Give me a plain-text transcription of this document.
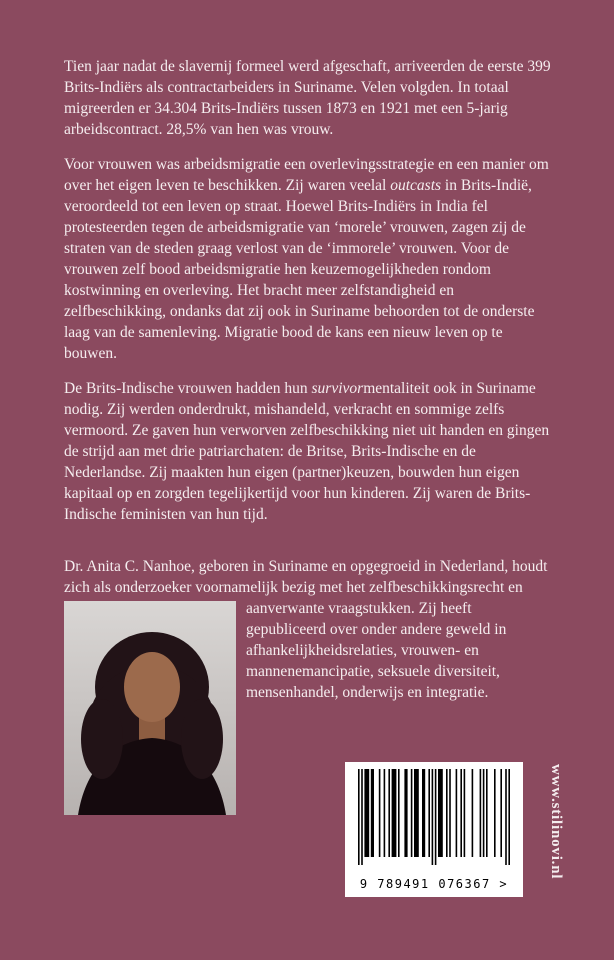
Tien jaar nadat de slavernij formeel werd afgeschaft, arriveerden de eerste 399 Brits-Indiërs als contractarbeiders in Suriname. Velen volgden. In totaal migreerden er 34.304 Brits-Indiërs tussen 1873 en 1921 met een 5-jarig arbeidscontract. 28,5% van hen was vrouw.

Voor vrouwen was arbeidsmigratie een overlevingsstrategie en een manier om over het eigen leven te beschikken. Zij waren veelal outcasts in Brits-Indië, veroordeeld tot een leven op straat. Hoewel Brits-Indiërs in India fel protesteerden tegen de arbeidsmigratie van ‘morele’ vrouwen, zagen zij de straten van de steden graag verlost van de ‘immorele’ vrouwen. Voor de vrouwen zelf bood arbeidsmigratie hen keuzemogelijkheden rondom kostwinning en overleving. Het bracht meer zelfstandigheid en zelfbeschikking, ondanks dat zij ook in Suriname behoorden tot de onderste laag van de samenleving. Migratie bood de kans een nieuw leven op te bouwen.

De Brits-Indische vrouwen hadden hun survivormentaliteit ook in Suriname nodig. Zij werden onderdrukt, mishandeld, verkracht en sommige zelfs vermoord. Ze gaven hun verworven zelfbeschikking niet uit handen en gingen de strijd aan met drie patriarchaten: de Britse, Brits-Indische en de Nederlandse. Zij maakten hun eigen (partner)keuzen, bouwden hun eigen kapitaal op en zorgden tegelijkertijd voor hun kinderen. Zij waren de Brits-Indische feministen van hun tijd.

Dr. Anita C. Nanhoe, geboren in Suriname en opgegroeid in Nederland, houdt zich als onderzoeker voornamelijk bezig met het zelfbeschikkingsrecht en aanverwante vraagstukken. Zij heeft
gepubliceerd over onder andere geweld in afhankelijkheidsrelaties, vrouwen- en mannenemancipatie, seksuele diversiteit, mensenhandel, onderwijs en integratie.

9 789491 076367 >
www.stilinovi.nl
